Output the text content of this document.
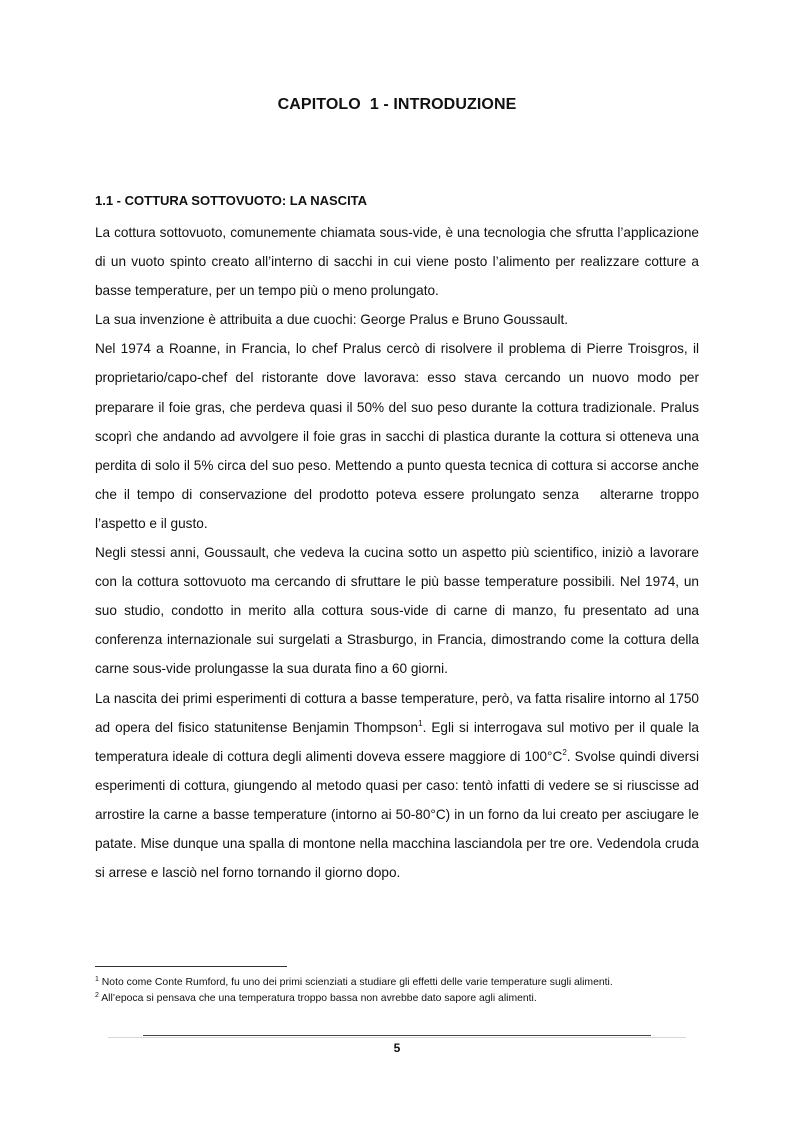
CAPITOLO  1 - INTRODUZIONE
1.1 - COTTURA SOTTOVUOTO: LA NASCITA

La cottura sottovuoto, comunemente chiamata sous-vide, è una tecnologia che sfrutta l’applicazione di un vuoto spinto creato all’interno di sacchi in cui viene posto l’alimento per realizzare cotture a basse temperature, per un tempo più o meno prolungato.

La sua invenzione è attribuita a due cuochi: George Pralus e Bruno Goussault.

Nel 1974 a Roanne, in Francia, lo chef Pralus cercò di risolvere il problema di Pierre Troisgros, il proprietario/capo-chef del ristorante dove lavorava: esso stava cercando un nuovo modo per preparare il foie gras, che perdeva quasi il 50% del suo peso durante la cottura tradizionale. Pralus scoprì che andando ad avvolgere il foie gras in sacchi di plastica durante la cottura si otteneva una perdita di solo il 5% circa del suo peso. Mettendo a punto questa tecnica di cottura si accorse anche che il tempo di conservazione del prodotto poteva essere prolungato senza   alterarne troppo l’aspetto e il gusto.

Negli stessi anni, Goussault, che vedeva la cucina sotto un aspetto più scientifico, iniziò a lavorare con la cottura sottovuoto ma cercando di sfruttare le più basse temperature possibili. Nel 1974, un suo studio, condotto in merito alla cottura sous-vide di carne di manzo, fu presentato ad una conferenza internazionale sui surgelati a Strasburgo, in Francia, dimostrando come la cottura della carne sous-vide prolungasse la sua durata fino a 60 giorni.

La nascita dei primi esperimenti di cottura a basse temperature, però, va fatta risalire intorno al 1750 ad opera del fisico statunitense Benjamin Thompson$^1$. Egli si interrogava sul motivo per il quale la temperatura ideale di cottura degli alimenti doveva essere maggiore di $100^\circ C^2$. Svolse quindi diversi esperimenti di cottura, giungendo al metodo quasi per caso: tentò infatti di vedere se si riuscisse ad arrostire la carne a basse temperature (intorno ai 50-80°C) in un forno da lui creato per asciugare le patate. Mise dunque una spalla di montone nella macchina lasciandola per tre ore. Vedendola cruda si arrese e lasciò nel forno tornando il giorno dopo.

$^1$ Noto come Conte Rumford, fu uno dei primi scienziati a studiare gli effetti delle varie temperature sugli alimenti.

$^2$ All’epoca si pensava che una temperatura troppo bassa non avrebbe dato sapore agli alimenti.

5
